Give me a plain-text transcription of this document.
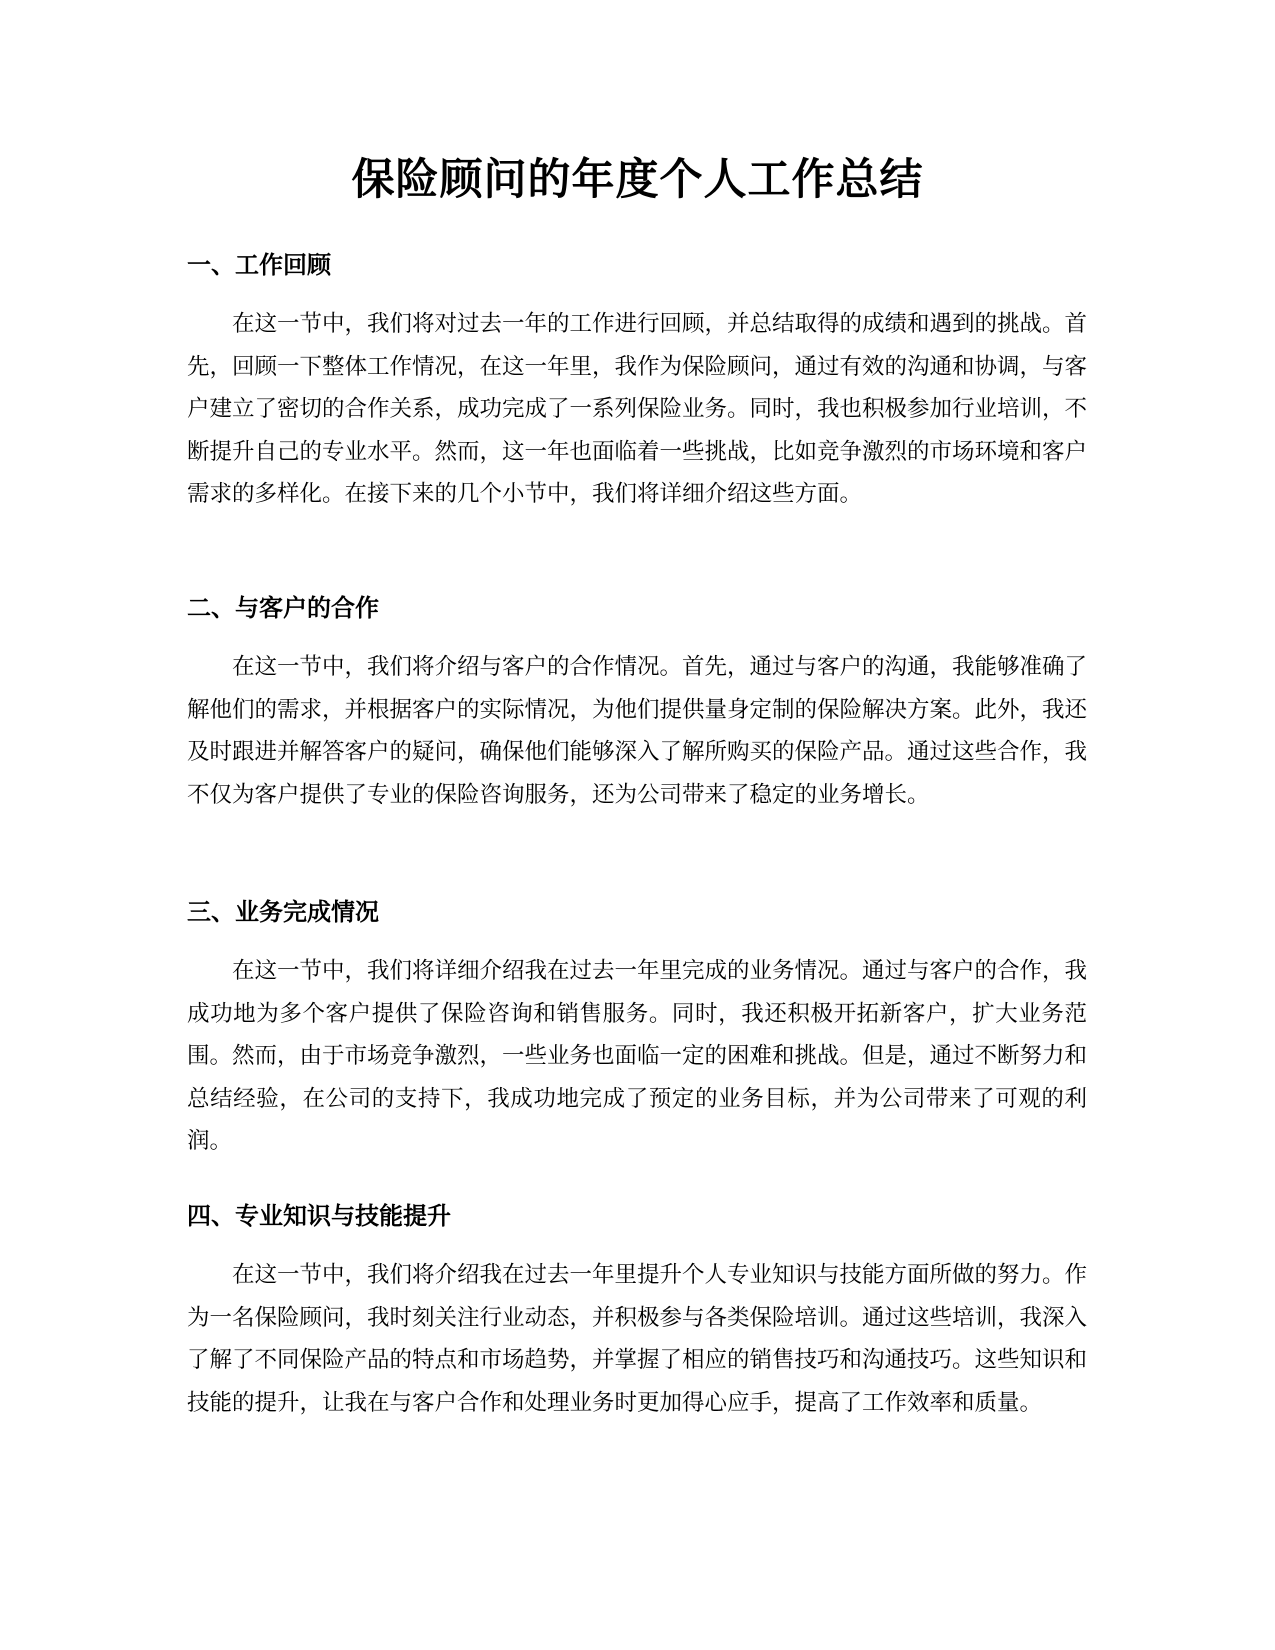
保险顾问的年度个人工作总结
一、工作回顾

在这一节中，我们将对过去一年的工作进行回顾，并总结取得的成绩和遇到的挑战。首先，回顾一下整体工作情况，在这一年里，我作为保险顾问，通过有效的沟通和协调，与客户建立了密切的合作关系，成功完成了一系列保险业务。同时，我也积极参加行业培训，不断提升自己的专业水平。然而，这一年也面临着一些挑战，比如竞争激烈的市场环境和客户需求的多样化。在接下来的几个小节中，我们将详细介绍这些方面。

二、与客户的合作

在这一节中，我们将介绍与客户的合作情况。首先，通过与客户的沟通，我能够准确了解他们的需求，并根据客户的实际情况，为他们提供量身定制的保险解决方案。此外，我还及时跟进并解答客户的疑问，确保他们能够深入了解所购买的保险产品。通过这些合作，我不仅为客户提供了专业的保险咨询服务，还为公司带来了稳定的业务增长。

三、业务完成情况

在这一节中，我们将详细介绍我在过去一年里完成的业务情况。通过与客户的合作，我成功地为多个客户提供了保险咨询和销售服务。同时，我还积极开拓新客户，扩大业务范围。然而，由于市场竞争激烈，一些业务也面临一定的困难和挑战。但是，通过不断努力和总结经验，在公司的支持下，我成功地完成了预定的业务目标，并为公司带来了可观的利润。

四、专业知识与技能提升

在这一节中，我们将介绍我在过去一年里提升个人专业知识与技能方面所做的努力。作为一名保险顾问，我时刻关注行业动态，并积极参与各类保险培训。通过这些培训，我深入了解了不同保险产品的特点和市场趋势，并掌握了相应的销售技巧和沟通技巧。这些知识和技能的提升，让我在与客户合作和处理业务时更加得心应手，提高了工作效率和质量。
